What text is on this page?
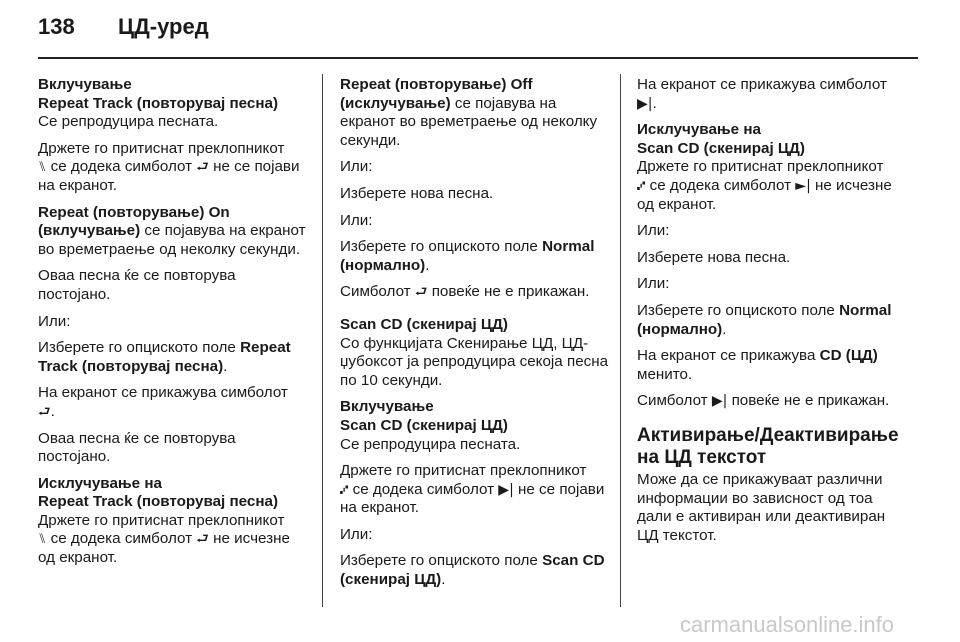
138 ЦД-уред
Вклучување
Repeat Track (повторувај песна)
Се репродуцира песната.
Држете го притиснат преклопникот
⑊ се додека симболот ⮐ не се појави на екранот.
Repeat (повторување) On (вклучување) се појавува на екранот во времетраење од неколку секунди.
Оваа песна ќе се повторува постојано.
Или:
Изберете го опциското поле Repeat Track (повторувај песна).
На екранот се прикажува симболот
⮐.
Оваа песна ќе се повторува постојано.
Исклучување на
Repeat Track (повторувај песна)
Држете го притиснат преклопникот
⑊ се додека симболот ⮐ не исчезне од екранот.
Repeat (повторување) Off (исклучување) се појавува на екранот во времетраење од неколку секунди.
Или:
Изберете нова песна.
Или:
Изберете го опциското поле Normal (нормално).
Симболот ⮐ повеќе не е прикажан.
Scan CD (скенирај ЦД)
Со функцијата Скенирање ЦД, ЦД-џубоксот ја репродуцира секоја песна по 10 секунди.
Вклучување
Scan CD (скенирај ЦД)
Се репродуцира песната.
Држете го притиснат преклопникот
⑇ се додека симболот ▶| не се појави на екранот.
Или:
Изберете го опциското поле Scan CD (скенирај ЦД).
На екранот се прикажува симболот
▶|.
Исклучување на
Scan CD (скенирај ЦД)
Држете го притиснат преклопникот
⑇ се додека симболот ►| не исчезне од екранот.
Или:
Изберете нова песна.
Или:
Изберете го опциското поле Normal (нормално).
На екранот се прикажува CD (ЦД) менито.
Симболот ▶| повеќе не е прикажан.
Активирање/Деактивирање на ЦД текстот
Може да се прикажуваат различни информации во зависност од тоа дали е активиран или деактивиран ЦД текстот.
carmanualsonline.info
